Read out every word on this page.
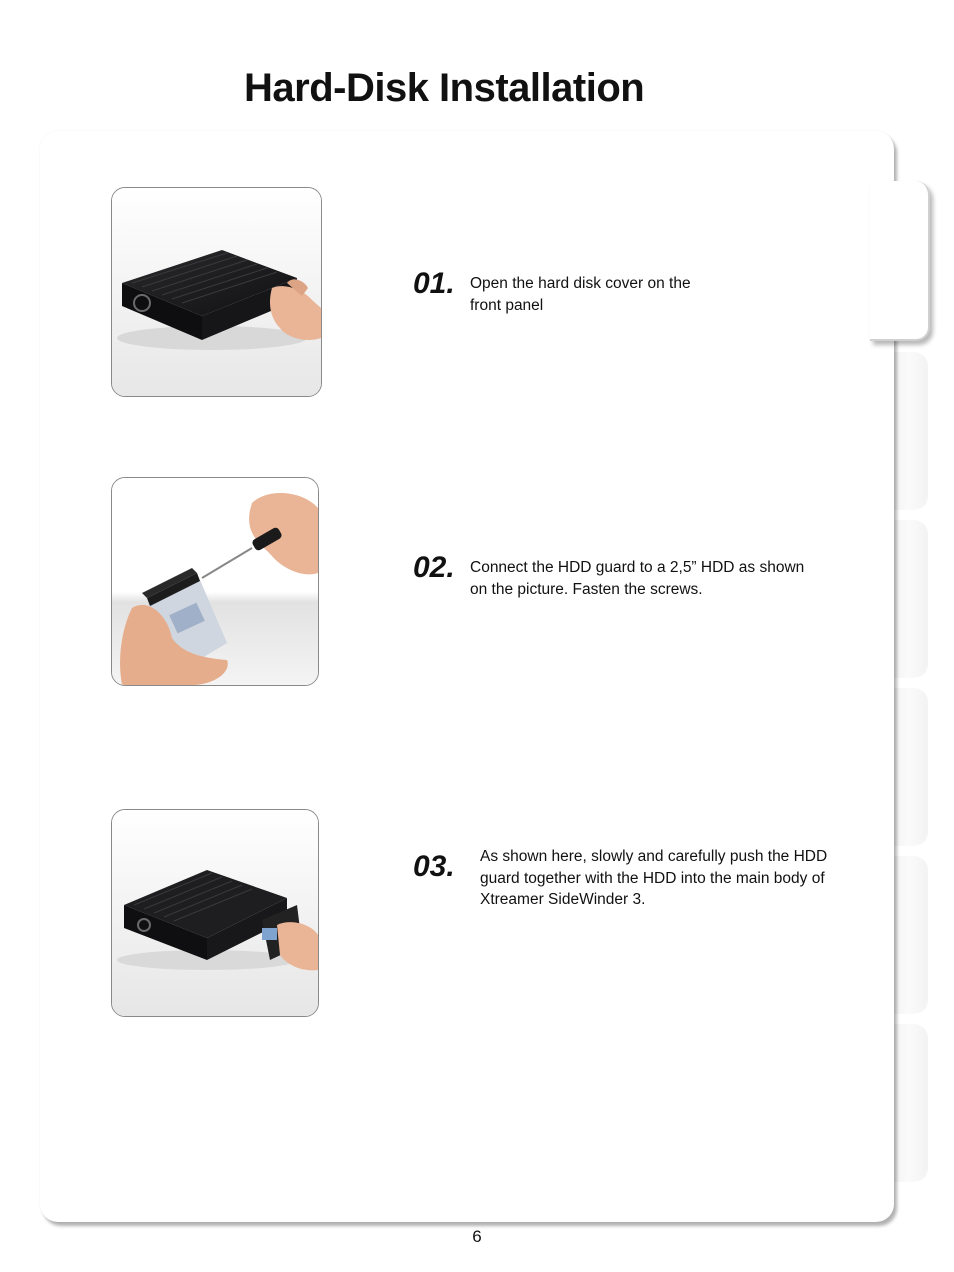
Hard-Disk Installation
01. Open the hard disk cover on the
front panel

02. Connect the HDD guard to a 2,5” HDD as shown
on the picture. Fasten the screws.

03. As shown here, slowly and carefully push the HDD
guard together with the HDD into the main body of
Xtreamer SideWinder 3.

6
